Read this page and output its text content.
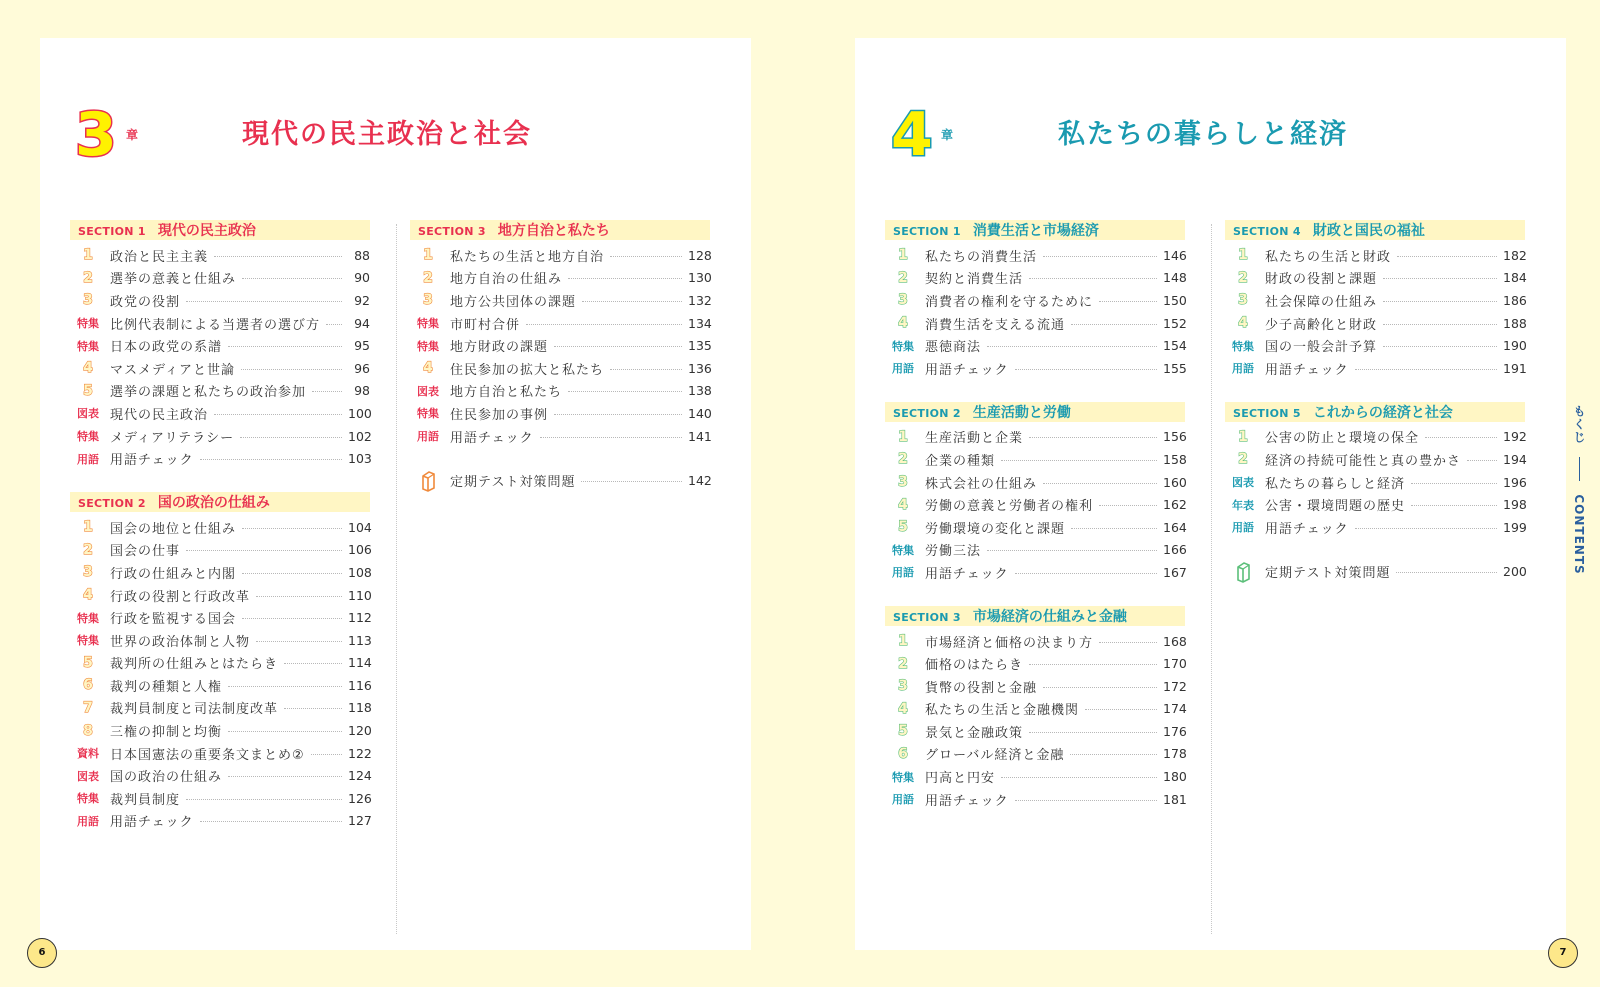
3 章	現代の民主政治と社会
SECTION 1 現代の民主政治
1	政治と民主主義	88
2	選挙の意義と仕組み	90
3	政党の役割	92
特集 比例代表制による当選者の選び方	94
特集 日本の政党の系譜	95
4	マスメディアと世論	96
5	選挙の課題と私たちの政治参加	98
図表 現代の民主政治	100
特集 メディアリテラシー	102
用語 用語チェック	103
SECTION 2 国の政治の仕組み
1	国会の地位と仕組み	104
2	国会の仕事	106
3	行政の仕組みと内閣	108
4	行政の役割と行政改革	110
特集 行政を監視する国会	112
特集 世界の政治体制と人物	113
5	裁判所の仕組みとはたらき	114
6	裁判の種類と人権	116
7	裁判員制度と司法制度改革	118
8	三権の抑制と均衡	120
資料 日本国憲法の重要条文まとめ②	122
図表 国の政治の仕組み	124
特集 裁判員制度	126
用語 用語チェック	127
SECTION 3 地方自治と私たち
1	私たちの生活と地方自治	128
2	地方自治の仕組み	130
3	地方公共団体の課題	132
特集 市町村合併	134
特集 地方財政の課題	135
4	住民参加の拡大と私たち	136
図表 地方自治と私たち	138
特集 住民参加の事例	140
用語 用語チェック	141
定期テスト対策問題	142
4 章	私たちの暮らしと経済
SECTION 1 消費生活と市場経済
1	私たちの消費生活	146
2	契約と消費生活	148
3	消費者の権利を守るために	150
4	消費生活を支える流通	152
特集 悪徳商法	154
用語 用語チェック	155
SECTION 2 生産活動と労働
1	生産活動と企業	156
2	企業の種類	158
3	株式会社の仕組み	160
4	労働の意義と労働者の権利	162
5	労働環境の変化と課題	164
特集 労働三法	166
用語 用語チェック	167
SECTION 3 市場経済の仕組みと金融
1	市場経済と価格の決まり方	168
2	価格のはたらき	170
3	貨幣の役割と金融	172
4	私たちの生活と金融機関	174
5	景気と金融政策	176
6	グローバル経済と金融	178
特集 円高と円安	180
用語 用語チェック	181
SECTION 4 財政と国民の福祉
1	私たちの生活と財政	182
2	財政の役割と課題	184
3	社会保障の仕組み	186
4	少子高齢化と財政	188
特集 国の一般会計予算	190
用語 用語チェック	191
SECTION 5 これからの経済と社会
1	公害の防止と環境の保全	192
2	経済の持続可能性と真の豊かさ	194
図表 私たちの暮らしと経済	196
年表 公害・環境問題の歴史	198
用語 用語チェック	199
定期テスト対策問題	200
もくじ  CONTENTS
6	7
